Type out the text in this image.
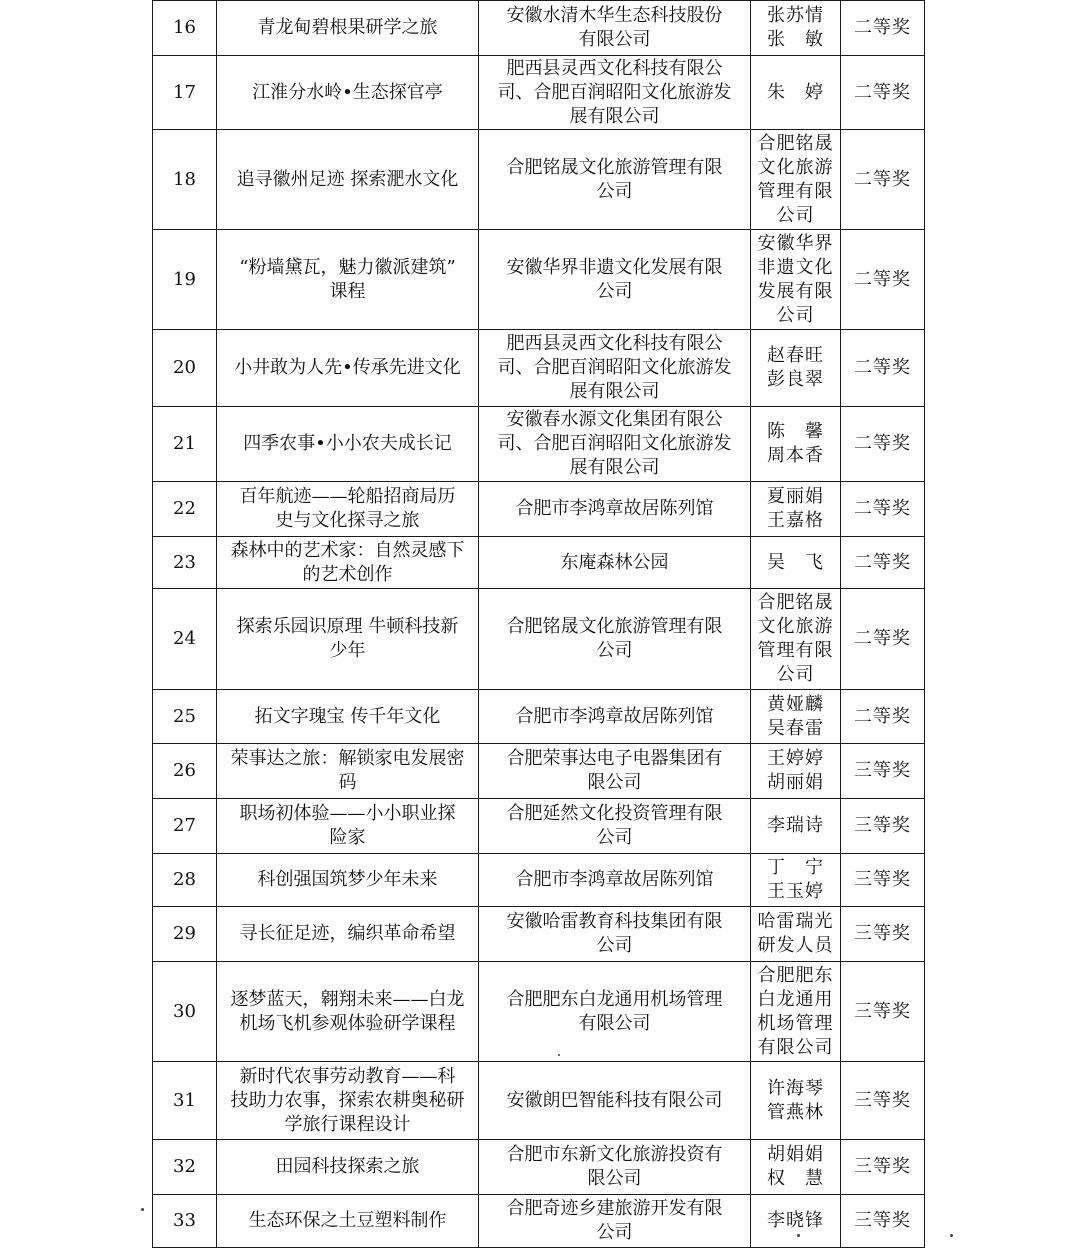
16	青龙甸碧根果研学之旅	安徽水清木华生态科技股份
有限公司	张苏情
张　敏	二等奖
17	江淮分水岭•生态探官亭	肥西县灵西文化科技有限公
司、合肥百润昭阳文化旅游发
展有限公司	朱　婷	二等奖
18	追寻徽州足迹 探索淝水文化	合肥铭晟文化旅游管理有限
公司	合肥铭晟
文化旅游
管理有限
公司	二等奖
19	“粉墙黛瓦，魅力徽派建筑”
课程	安徽华界非遗文化发展有限
公司	安徽华界
非遗文化
发展有限
公司	二等奖
20	小井敢为人先•传承先进文化	肥西县灵西文化科技有限公
司、合肥百润昭阳文化旅游发
展有限公司	赵春旺
彭良翠	二等奖
21	四季农事•小小农夫成长记	安徽春水源文化集团有限公
司、合肥百润昭阳文化旅游发
展有限公司	陈　馨
周本香	二等奖
22	百年航迹——轮船招商局历
史与文化探寻之旅	合肥市李鸿章故居陈列馆	夏丽娟
王嘉格	二等奖
23	森林中的艺术家：自然灵感下
的艺术创作	东庵森林公园	吴　飞	二等奖
24	探索乐园识原理 牛顿科技新
少年	合肥铭晟文化旅游管理有限
公司	合肥铭晟
文化旅游
管理有限
公司	二等奖
25	拓文字瑰宝 传千年文化	合肥市李鸿章故居陈列馆	黄娅麟
吴春雷	二等奖
26	荣事达之旅：解锁家电发展密
码	合肥荣事达电子电器集团有
限公司	王婷婷
胡丽娟	三等奖
27	职场初体验——小小职业探
险家	合肥延然文化投资管理有限
公司	李瑞诗	三等奖
28	科创强国筑梦少年未来	合肥市李鸿章故居陈列馆	丁　宁
王玉婷	三等奖
29	寻长征足迹，编织革命希望	安徽哈雷教育科技集团有限
公司	哈雷瑞光
研发人员	三等奖
30	逐梦蓝天，翱翔未来——白龙
机场飞机参观体验研学课程	合肥肥东白龙通用机场管理
有限公司	合肥肥东
白龙通用
机场管理
有限公司	三等奖
31	新时代农事劳动教育——科
技助力农事，探索农耕奥秘研
学旅行课程设计	安徽朗巴智能科技有限公司	许海琴
管燕林	三等奖
32	田园科技探索之旅	合肥市东新文化旅游投资有
限公司	胡娟娟
权　慧	三等奖
33	生态环保之土豆塑料制作	合肥奇迹乡建旅游开发有限
公司	李晓锋	三等奖
